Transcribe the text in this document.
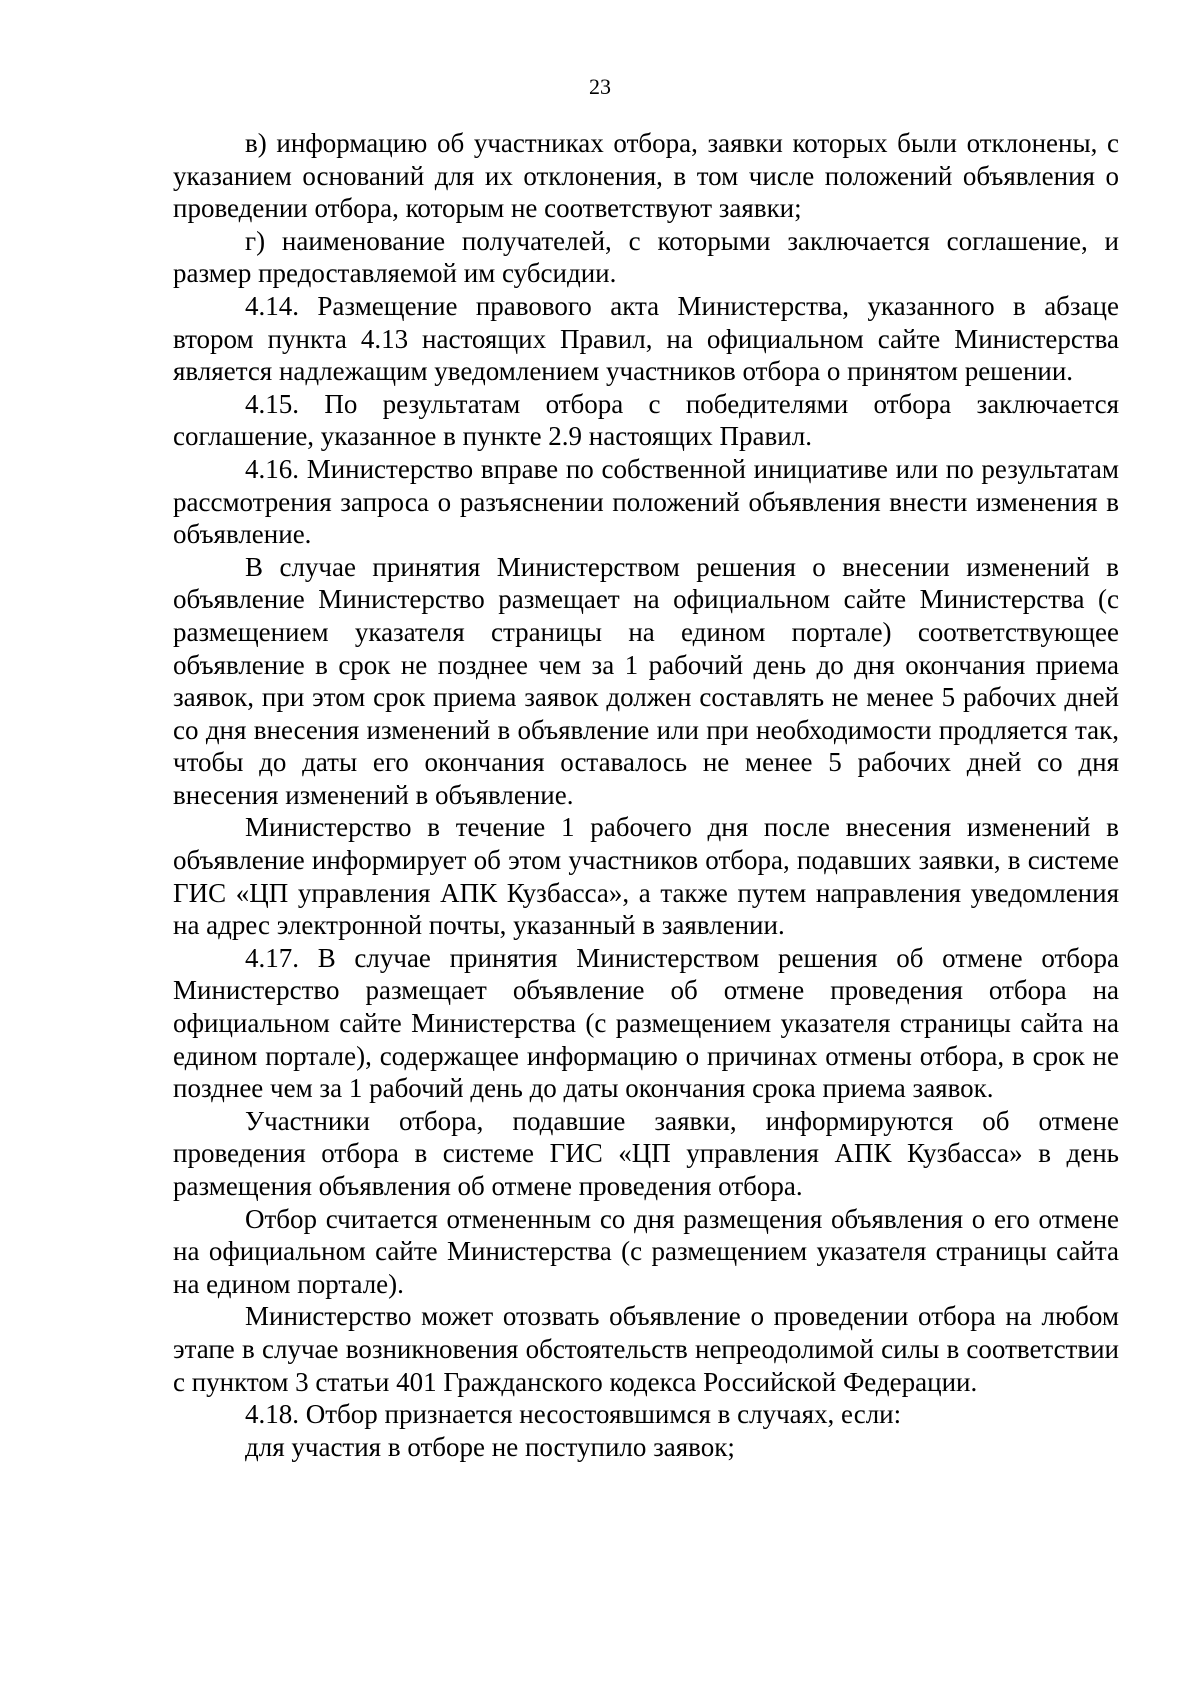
23

в) информацию об участниках отбора, заявки которых были отклонены, с указанием оснований для их отклонения, в том числе положений объявления о проведении отбора, которым не соответствуют заявки;

г) наименование получателей, с которыми заключается соглашение, и размер предоставляемой им субсидии.

4.14. Размещение правового акта Министерства, указанного в абзаце втором пункта 4.13 настоящих Правил, на официальном сайте Министерства является надлежащим уведомлением участников отбора о принятом решении.

4.15. По результатам отбора с победителями отбора заключается соглашение, указанное в пункте 2.9 настоящих Правил.

4.16. Министерство вправе по собственной инициативе или по результатам рассмотрения запроса о разъяснении положений объявления внести изменения в объявление.

В случае принятия Министерством решения о внесении изменений в объявление Министерство размещает на официальном сайте Министерства (с размещением указателя страницы на едином портале) соответствующее объявление в срок не позднее чем за 1 рабочий день до дня окончания приема заявок, при этом срок приема заявок должен составлять не менее 5 рабочих дней со дня внесения изменений в объявление или при необходимости продляется так, чтобы до даты его окончания оставалось не менее 5 рабочих дней со дня внесения изменений в объявление.

Министерство в течение 1 рабочего дня после внесения изменений в объявление информирует об этом участников отбора, подавших заявки, в системе ГИС «ЦП управления АПК Кузбасса», а также путем направления уведомления на адрес электронной почты, указанный в заявлении.

4.17. В случае принятия Министерством решения об отмене отбора Министерство размещает объявление об отмене проведения отбора на официальном сайте Министерства (с размещением указателя страницы сайта на едином портале), содержащее информацию о причинах отмены отбора, в срок не позднее чем за 1 рабочий день до даты окончания срока приема заявок.

Участники отбора, подавшие заявки, информируются об отмене проведения отбора в системе ГИС «ЦП управления АПК Кузбасса» в день размещения объявления об отмене проведения отбора.

Отбор считается отмененным со дня размещения объявления о его отмене на официальном сайте Министерства (с размещением указателя страницы сайта на едином портале).

Министерство может отозвать объявление о проведении отбора на любом этапе в случае возникновения обстоятельств непреодолимой силы в соответствии с пунктом 3 статьи 401 Гражданского кодекса Российской Федерации.

4.18. Отбор признается несостоявшимся в случаях, если:

для участия в отборе не поступило заявок;
